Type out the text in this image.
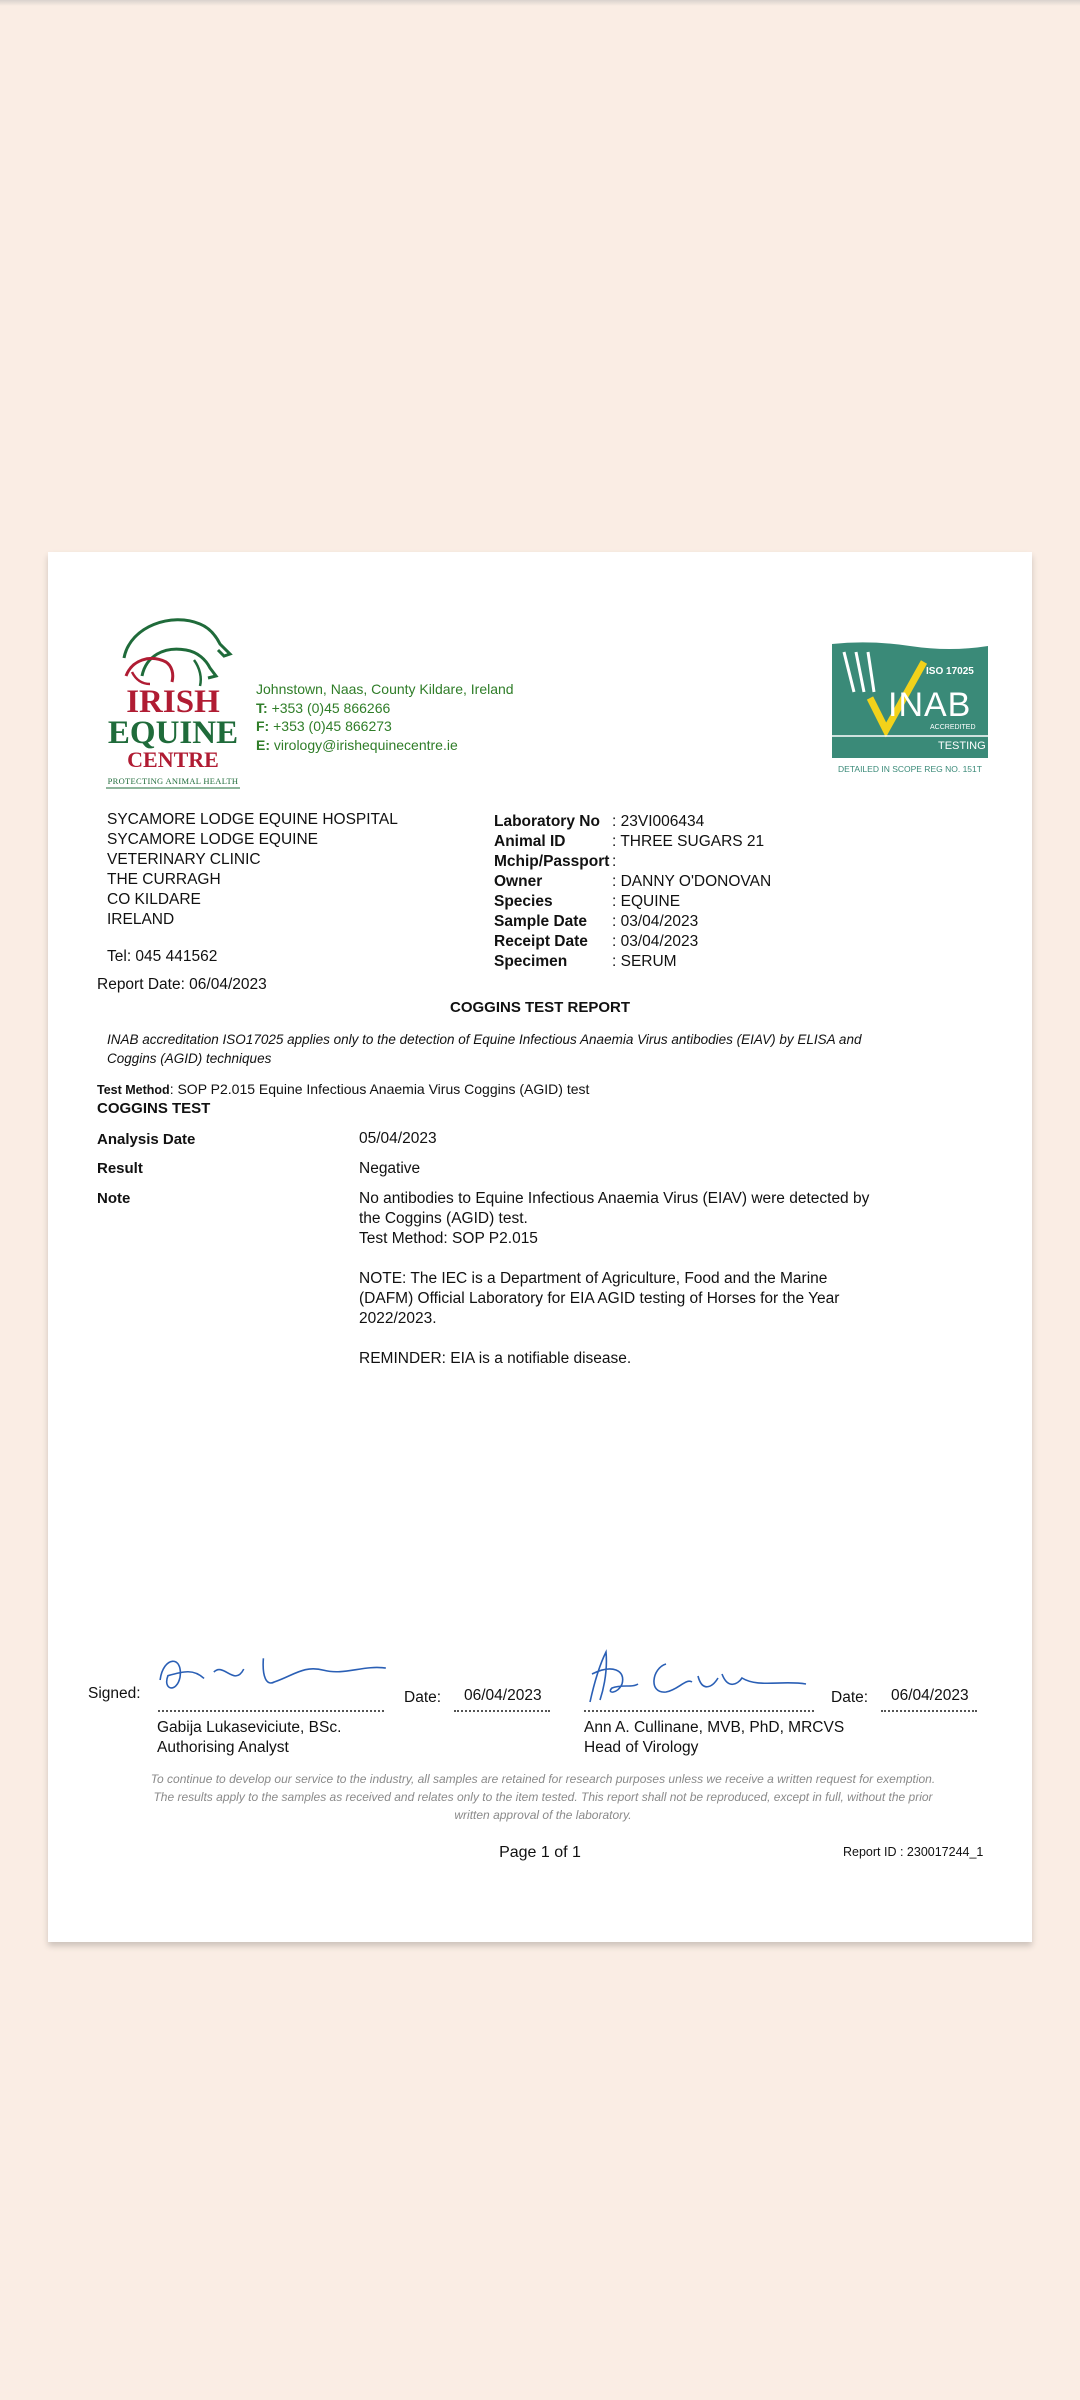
IRISH
EQUINE
CENTRE
PROTECTING ANIMAL HEALTH
Johnstown, Naas, County Kildare, Ireland
T: +353 (0)45 866266
F: +353 (0)45 866273
E: virology@irishequinecentre.ie
ISO 17025
INAB
ACCREDITED
TESTING
DETAILED IN SCOPE REG NO. 151T
SYCAMORE LODGE EQUINE HOSPITAL
SYCAMORE LODGE EQUINE
VETERINARY CLINIC
THE CURRAGH
CO KILDARE
IRELAND
Tel: 045 441562
Laboratory No : 23VI006434
Animal ID	: THREE SUGARS 21
Mchip/Passport :
Owner	: DANNY O'DONOVAN
Species	: EQUINE
Sample Date	: 03/04/2023
Receipt Date	: 03/04/2023
Specimen	: SERUM
Report Date: 06/04/2023
COGGINS TEST REPORT
INAB accreditation ISO17025 applies only to the detection of Equine Infectious Anaemia Virus antibodies (EIAV) by ELISA and Coggins (AGID) techniques
Test Method: SOP P2.015 Equine Infectious Anaemia Virus Coggins (AGID) test
COGGINS TEST
Analysis Date	05/04/2023
Result	Negative
Note	No antibodies to Equine Infectious Anaemia Virus (EIAV) were detected by the Coggins (AGID) test.
Test Method: SOP P2.015
NOTE: The IEC is a Department of Agriculture, Food and the Marine (DAFM) Official Laboratory for EIA AGID testing of Horses for the Year 2022/2023.
REMINDER: EIA is a notifiable disease.
Signed:	Date: 06/04/2023
Gabija Lukaseviciute, BSc.
Authorising Analyst
Date: 06/04/2023
Ann A. Cullinane, MVB, PhD, MRCVS
Head of Virology
To continue to develop our service to the industry, all samples are retained for research purposes unless we receive a written request for exemption. The results apply to the samples as received and relates only to the item tested. This report shall not be reproduced, except in full, without the prior written approval of the laboratory.
Page 1 of 1	Report ID : 230017244_1
